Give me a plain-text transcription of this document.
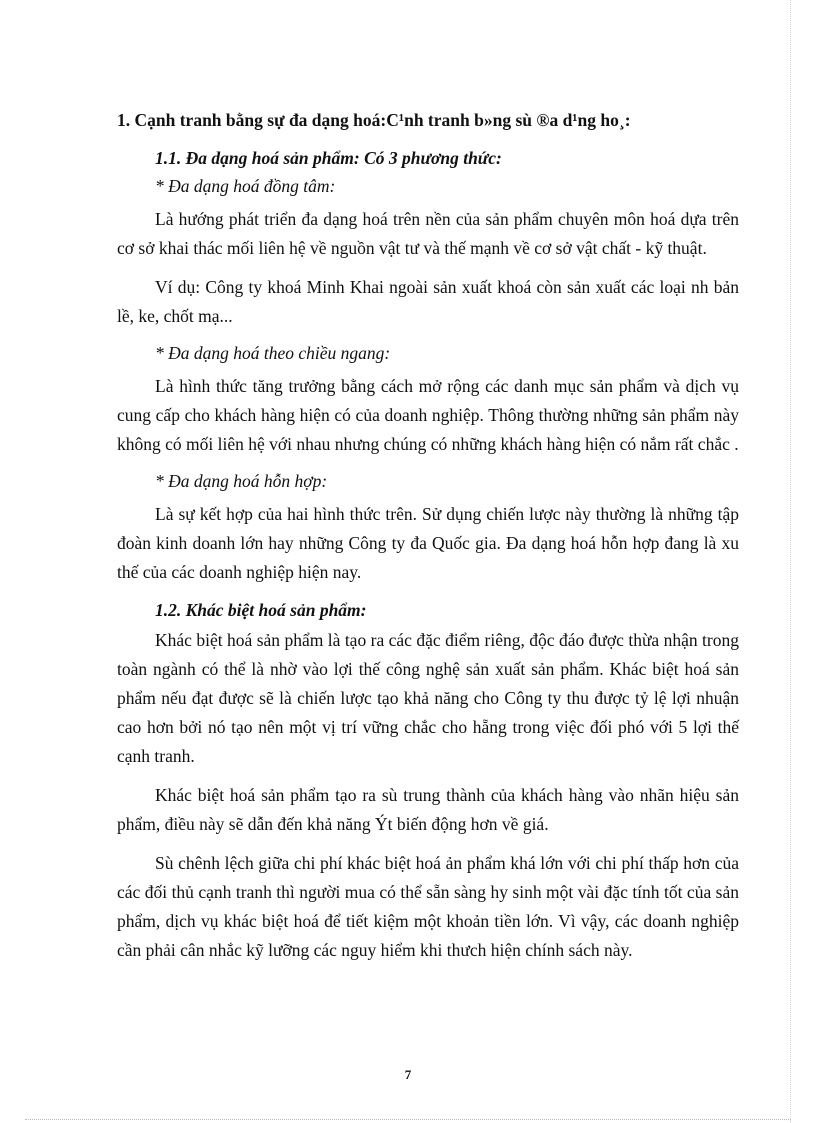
1. Cạnh tranh bằng sự đa dạng hoá:C¹nh tranh b»ng sù ®a d¹ng ho¸:

1.1. Đa dạng hoá sản phẩm: Có 3 phương thức:

* Đa dạng hoá đồng tâm:

Là hướng phát triển đa dạng hoá trên nền của sản phẩm chuyên môn hoá dựa trên cơ sở khai thác mối liên hệ về nguồn vật tư và thế mạnh về cơ sở vật chất - kỹ thuật.

Ví dụ: Công ty khoá Minh Khai ngoài sản xuất khoá còn sản xuất các loại nh bản lề, ke, chốt mạ...

* Đa dạng hoá theo chiều ngang:

Là hình thức tăng trưởng bằng cách mở rộng các danh mục sản phẩm và dịch vụ cung cấp cho khách hàng hiện có của doanh nghiệp. Thông thường những sản phẩm này không có mối liên hệ với nhau nhưng chúng có những khách hàng hiện có nắm rất chắc .

* Đa dạng hoá hỗn hợp:

Là sự kết hợp của hai hình thức trên. Sử dụng chiến lược này thường là những tập đoàn kinh doanh lớn hay những Công ty đa Quốc gia. Đa dạng hoá hỗn hợp đang là xu thế của các doanh nghiệp hiện nay.

1.2. Khác biệt hoá sản phẩm:

Khác biệt hoá sản phẩm là tạo ra các đặc điểm riêng, độc đáo được thừa nhận trong toàn ngành có thể là nhờ vào lợi thế công nghệ sản xuất sản phẩm. Khác biệt hoá sản phẩm nếu đạt được sẽ là chiến lược tạo khả năng cho Công ty thu được tỷ lệ lợi nhuận cao hơn bởi nó tạo nên một vị trí vững chắc cho hẵng trong việc đối phó với 5 lợi thế cạnh tranh.

Khác biệt hoá sản phẩm tạo ra sù trung thành của khách hàng vào nhãn hiệu sản phẩm, điều này sẽ dẫn đến khả năng Ýt biến động hơn về giá.

Sù chênh lệch giữa chi phí khác biệt hoá ản phẩm khá lớn với chi phí thấp hơn của các đối thủ cạnh tranh thì người mua có thể sẵn sàng hy sinh một vài đặc tính tốt của sản phẩm, dịch vụ khác biệt hoá để tiết kiệm một khoản tiền lớn. Vì vậy, các doanh nghiệp cần phải cân nhắc kỹ lưỡng các nguy hiểm khi thưch hiện chính sách này.

7
